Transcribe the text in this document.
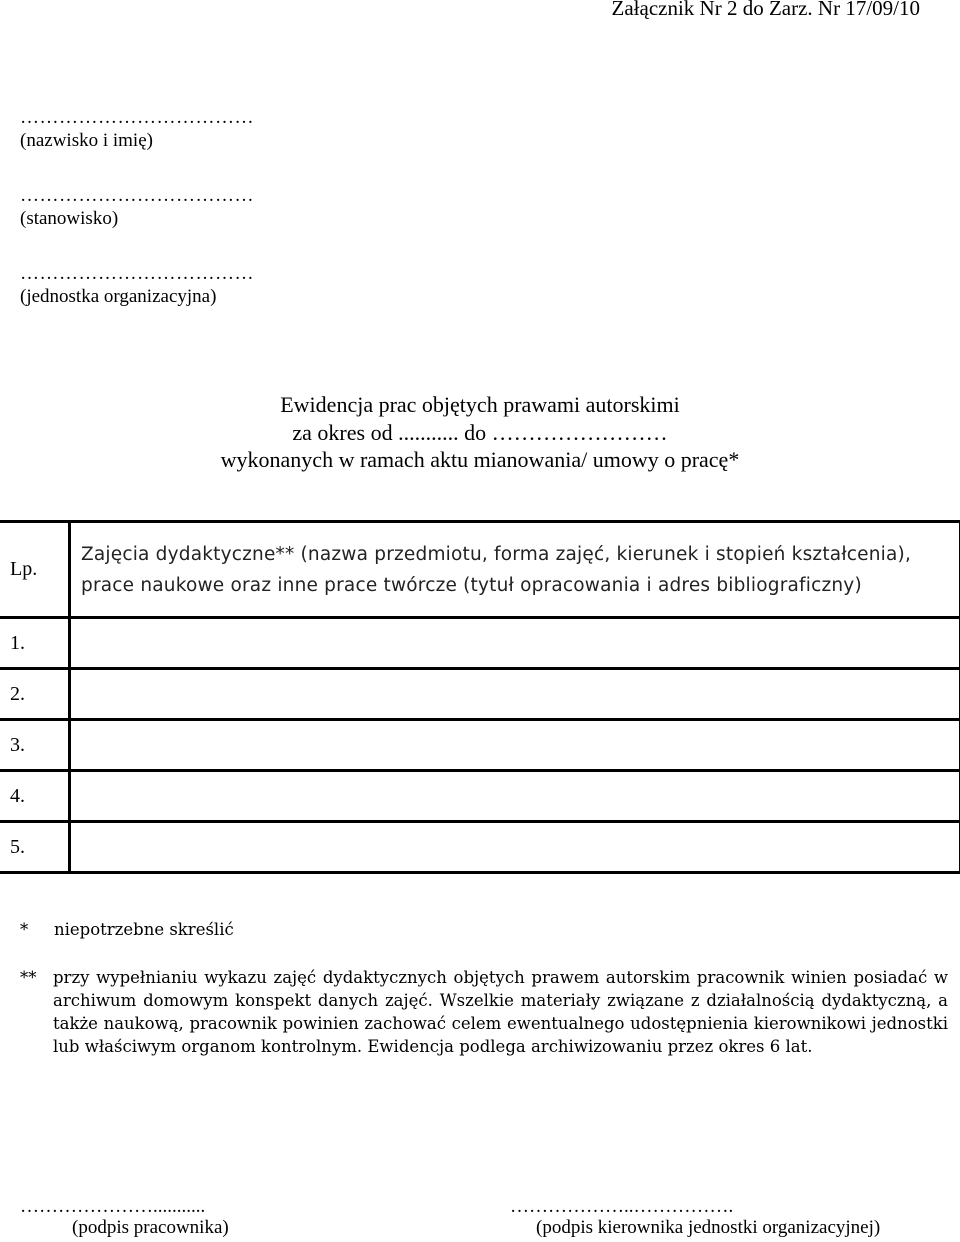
Załącznik Nr 2 do Zarz. Nr 17/09/10
………………………………
(nazwisko i imię)
………………………………
(stanowisko)
………………………………
(jednostka organizacyjna)
Ewidencja prac objętych prawami autorskimi
za okres od ........... do ……………………
wykonanych w ramach aktu mianowania/ umowy o pracę*
Lp.	Zajęcia dydaktyczne** (nazwa przedmiotu, forma zajęć, kierunek i stopień kształcenia),
prace naukowe oraz inne prace twórcze (tytuł opracowania i adres bibliograficzny)

1.	
2.	
3.	
4.	
5.	
* niepotrzebne skreślić
** przy wypełnianiu wykazu zajęć dydaktycznych objętych prawem autorskim pracownik winien posiadać w archiwum domowym konspekt danych zajęć. Wszelkie materiały związane z działalnością dydaktyczną, a także naukową, pracownik powinien zachować celem ewentualnego udostępnienia kierownikowi jednostki lub właściwym organom kontrolnym. Ewidencja podlega archiwizowaniu przez okres 6 lat.
…………………...........
(podpis pracownika)
………………..…………….
(podpis kierownika jednostki organizacyjnej)
